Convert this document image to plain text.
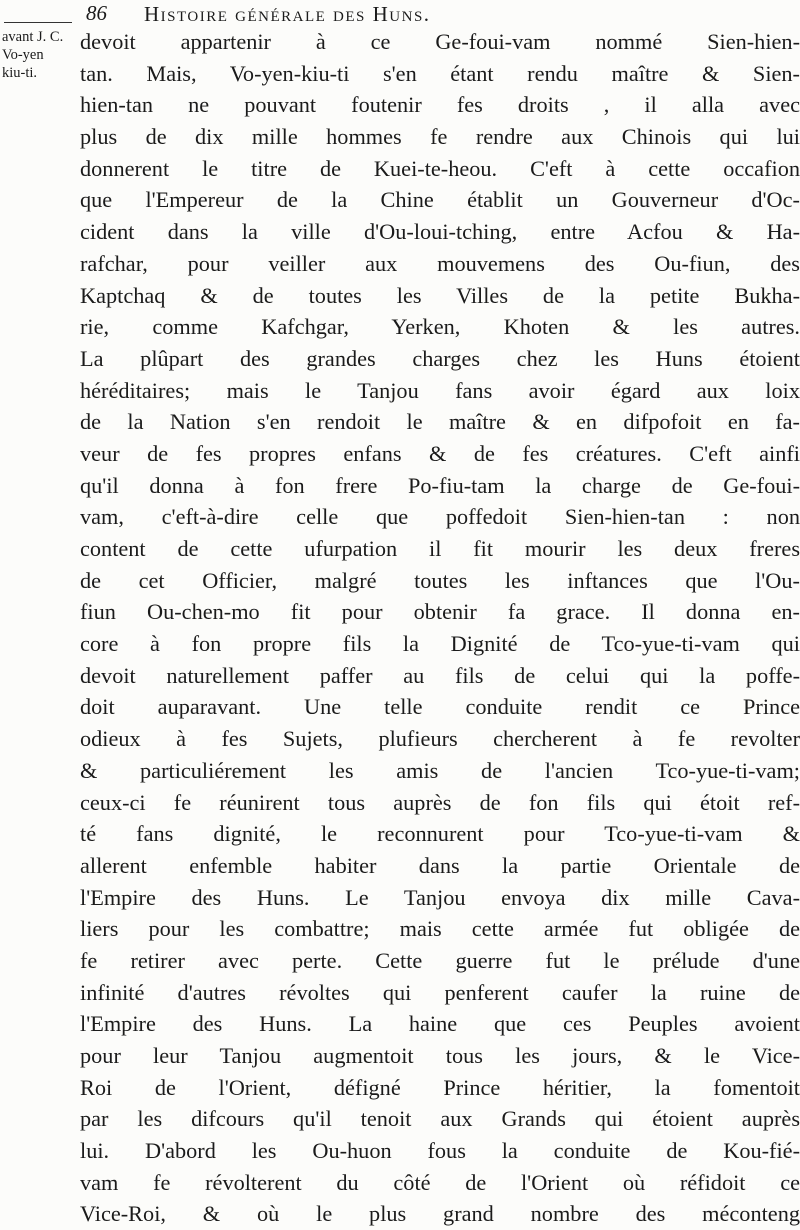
avant J. C.
Vo-yen
kiu-ti.
86 Histoire générale des Huns.
devoit appartenir à ce Ge-foui-vam nommé Sien-hien-
tan. Mais, Vo-yen-kiu-ti s'en étant rendu maître & Sien-
hien-tan ne pouvant foutenir fes droits , il alla avec
plus de dix mille hommes fe rendre aux Chinois qui lui
donnerent le titre de Kuei-te-heou. C'eft à cette occafion
que l'Empereur de la Chine établit un Gouverneur d'Oc-
cident dans la ville d'Ou-loui-tching, entre Acfou & Ha-
rafchar, pour veiller aux mouvemens des Ou-fiun, des
Kaptchaq & de toutes les Villes de la petite Bukha-
rie, comme Kafchgar, Yerken, Khoten & les autres.
La plûpart des grandes charges chez les Huns étoient
héréditaires; mais le Tanjou fans avoir égard aux loix
de la Nation s'en rendoit le maître & en difpofoit en fa-
veur de fes propres enfans & de fes créatures. C'eft ainfi
qu'il donna à fon frere Po-fiu-tam la charge de Ge-foui-
vam, c'eft-à-dire celle que poffedoit Sien-hien-tan : non
content de cette ufurpation il fit mourir les deux freres
de cet Officier, malgré toutes les inftances que l'Ou-
fiun Ou-chen-mo fit pour obtenir fa grace. Il donna en-
core à fon propre fils la Dignité de Tco-yue-ti-vam qui
devoit naturellement paffer au fils de celui qui la poffe-
doit auparavant. Une telle conduite rendit ce Prince
odieux à fes Sujets, plufieurs chercherent à fe revolter
& particuliérement les amis de l'ancien Tco-yue-ti-vam;
ceux-ci fe réunirent tous auprès de fon fils qui étoit ref-
té fans dignité, le reconnurent pour Tco-yue-ti-vam &
allerent enfemble habiter dans la partie Orientale de
l'Empire des Huns. Le Tanjou envoya dix mille Cava-
liers pour les combattre; mais cette armée fut obligée de
fe retirer avec perte. Cette guerre fut le prélude d'une
infinité d'autres révoltes qui penferent caufer la ruine de
l'Empire des Huns. La haine que ces Peuples avoient
pour leur Tanjou augmentoit tous les jours, & le Vice-
Roi de l'Orient, défigné Prince héritier, la fomentoit
par les difcours qu'il tenoit aux Grands qui étoient auprès
lui. D'abord les Ou-huon fous la conduite de Kou-fié-
vam fe révolterent du côté de l'Orient où réfidoit ce
Vice-Roi, & où le plus grand nombre des méconteng
